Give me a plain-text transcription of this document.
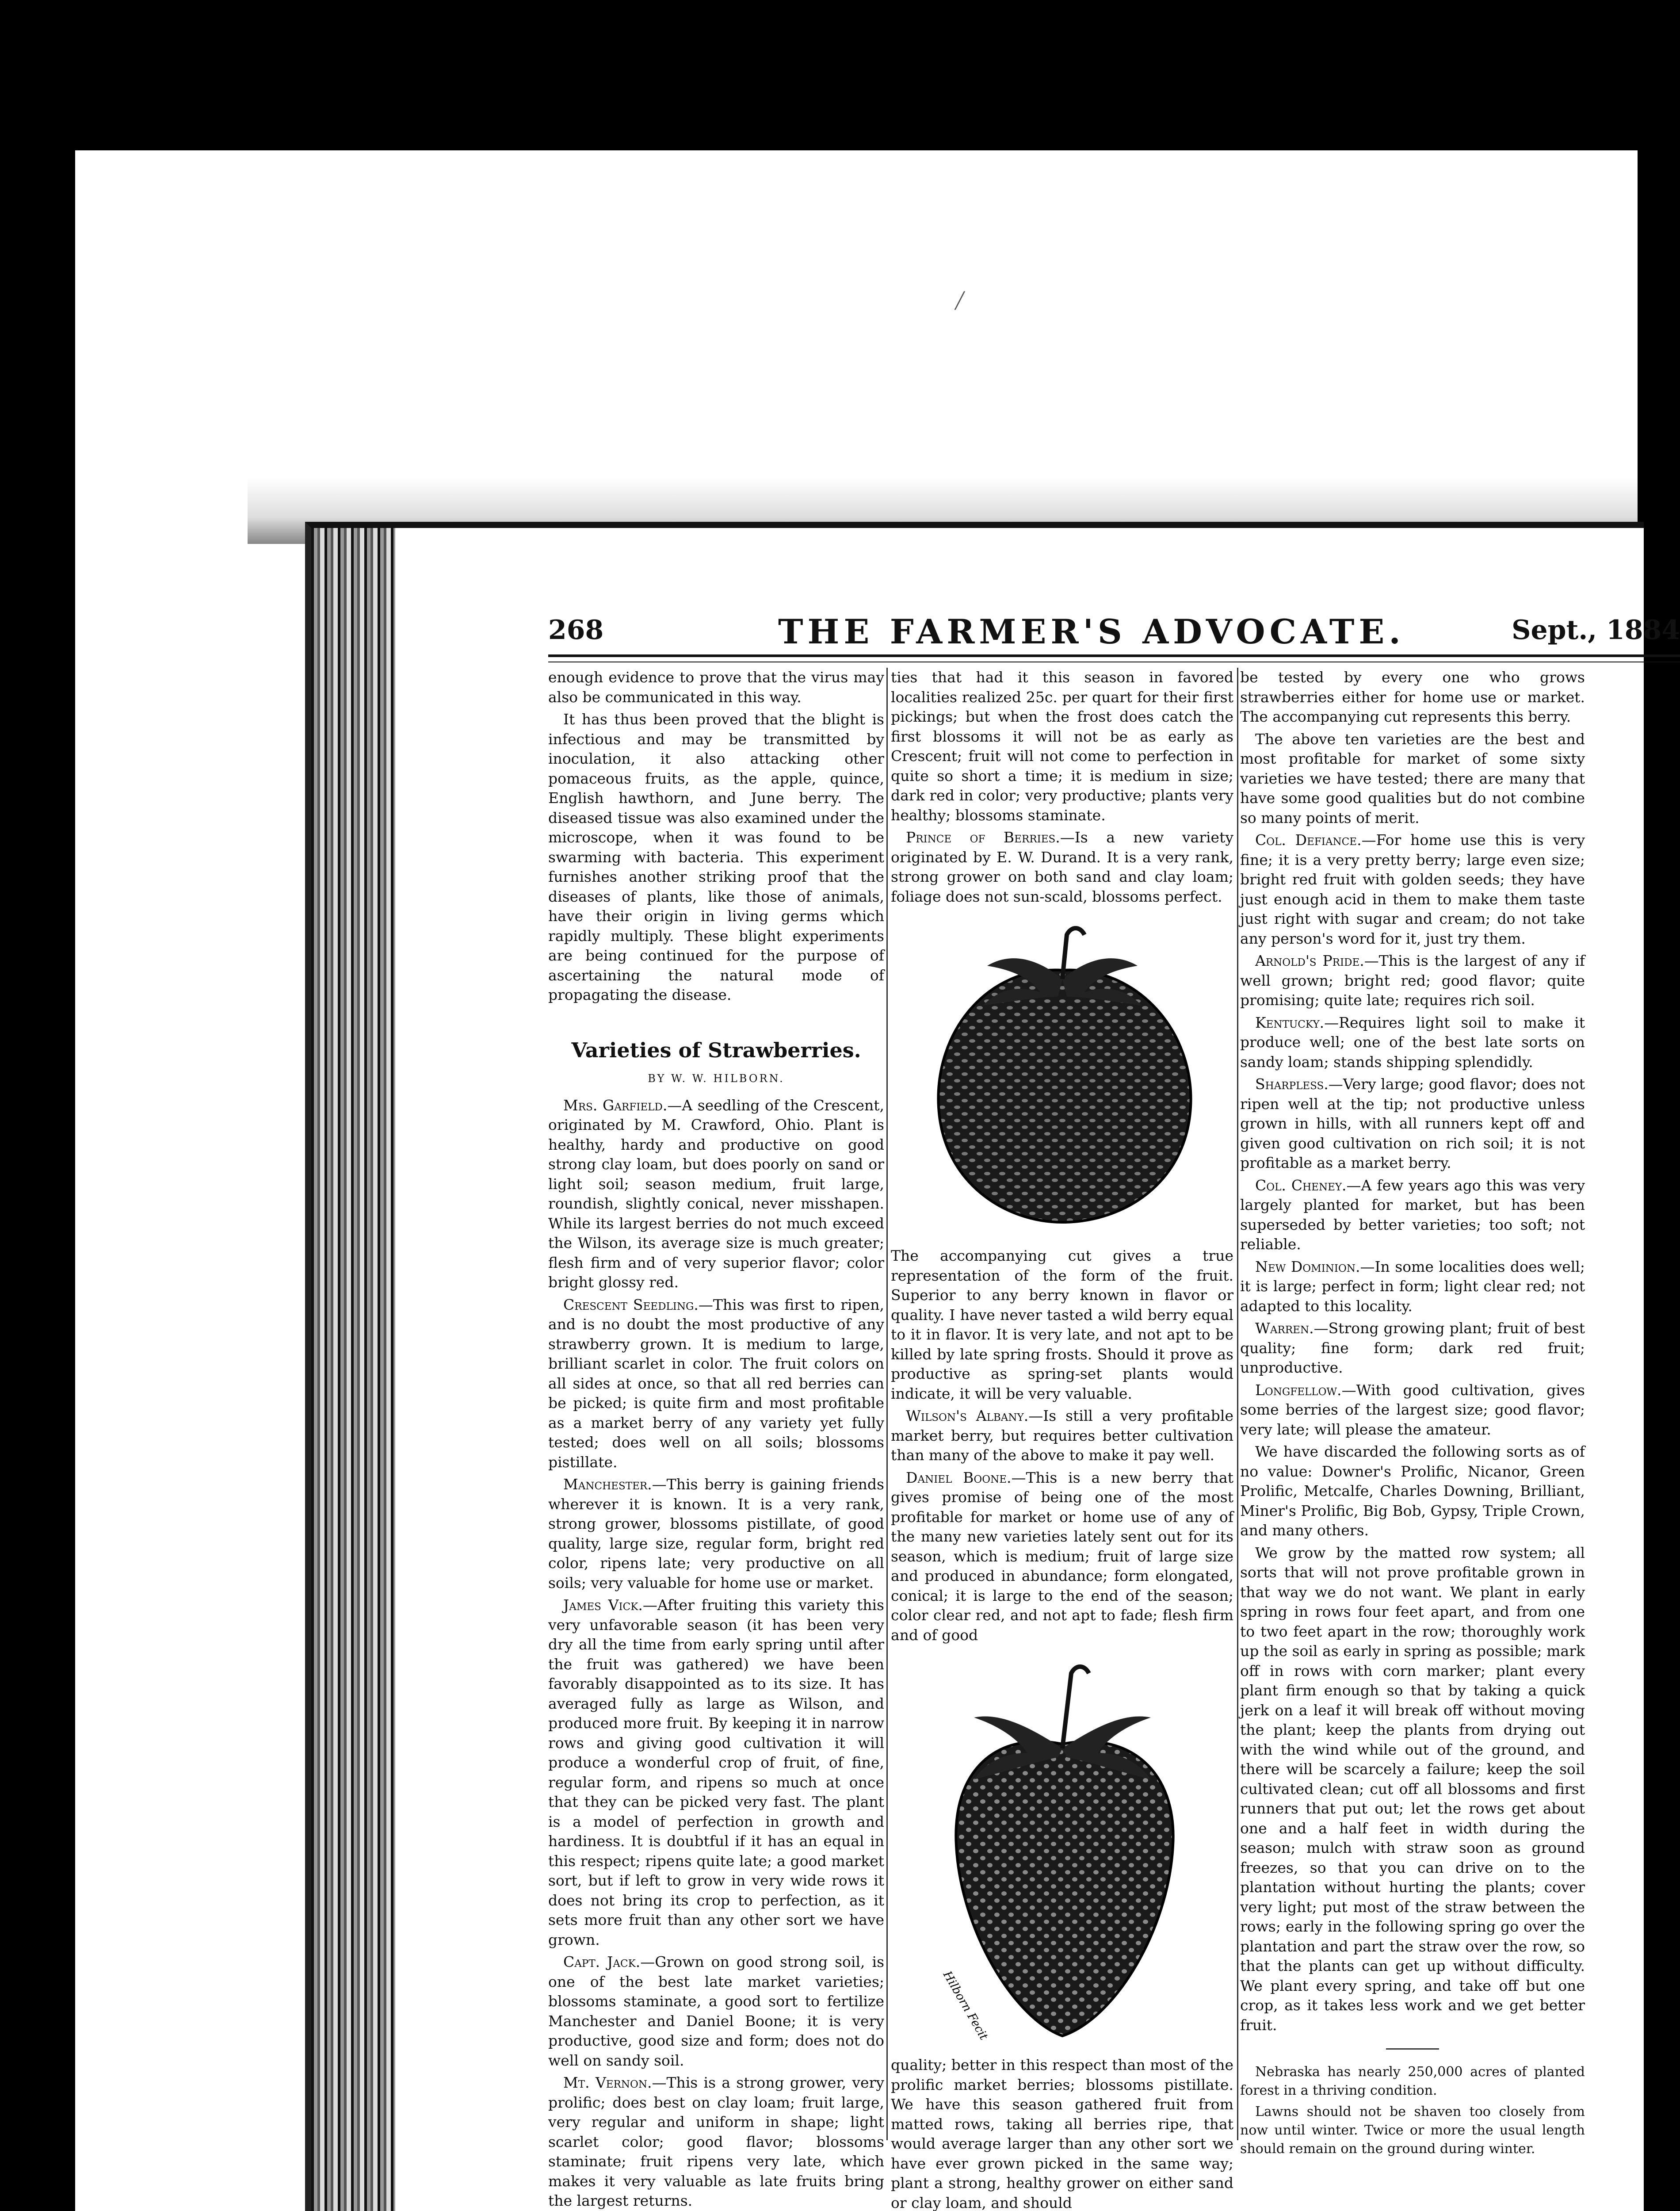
268	THE FARMER'S ADVOCATE.	Sept., 1884

enough evidence to prove that the virus may also be communicated in this way.

It has thus been proved that the blight is infectious and may be transmitted by inoculation, it also attacking other pomaceous fruits, as the apple, quince, English hawthorn, and June berry. The diseased tissue was also examined under the microscope, when it was found to be swarming with bacteria. This experiment furnishes another striking proof that the diseases of plants, like those of animals, have their origin in living germs which rapidly multiply. These blight experiments are being continued for the purpose of ascertaining the natural mode of propagating the disease.

Varieties of Strawberries.
BY W. W. HILBORN.

Mrs. Garfield.—A seedling of the Crescent, originated by M. Crawford, Ohio. Plant is healthy, hardy and productive on good strong clay loam, but does poorly on sand or light soil; season medium, fruit large, roundish, slightly conical, never misshapen. While its largest berries do not much exceed the Wilson, its average size is much greater; flesh firm and of very superior flavor; color bright glossy red.

Crescent Seedling.—This was first to ripen, and is no doubt the most productive of any strawberry grown. It is medium to large, brilliant scarlet in color. The fruit colors on all sides at once, so that all red berries can be picked; is quite firm and most profitable as a market berry of any variety yet fully tested; does well on all soils; blossoms pistillate.

Manchester.—This berry is gaining friends wherever it is known. It is a very rank, strong grower, blossoms pistillate, of good quality, large size, regular form, bright red color, ripens late; very productive on all soils; very valuable for home use or market.

James Vick.—After fruiting this variety this very unfavorable season (it has been very dry all the time from early spring until after the fruit was gathered) we have been favorably disappointed as to its size. It has averaged fully as large as Wilson, and produced more fruit. By keeping it in narrow rows and giving good cultivation it will produce a wonderful crop of fruit, of fine, regular form, and ripens so much at once that they can be picked very fast. The plant is a model of perfection in growth and hardiness. It is doubtful if it has an equal in this respect; ripens quite late; a good market sort, but if left to grow in very wide rows it does not bring its crop to perfection, as it sets more fruit than any other sort we have grown.

Capt. Jack.—Grown on good strong soil, is one of the best late market varieties; blossoms staminate, a good sort to fertilize Manchester and Daniel Boone; it is very productive, good size and form; does not do well on sandy soil.

Mt. Vernon.—This is a strong grower, very prolific; does best on clay loam; fruit large, very regular and uniform in shape; light scarlet color; good flavor; blossoms staminate; fruit ripens very late, which makes it very valuable as late fruits bring the largest returns.

ties that had it this season in favored localities realized 25c. per quart for their first pickings; but when the frost does catch the first blossoms it will not be as early as Crescent; fruit will not come to perfection in quite so short a time; it is medium in size; dark red in color; very productive; plants very healthy; blossoms staminate.

Prince of Berries.—Is a new variety originated by E. W. Durand. It is a very rank, strong grower on both sand and clay loam; foliage does not sun-scald, blossoms perfect.

The accompanying cut gives a true representation of the form of the fruit. Superior to any berry known in flavor or quality. I have never tasted a wild berry equal to it in flavor. It is very late, and not apt to be killed by late spring frosts. Should it prove as productive as spring-set plants would indicate, it will be very valuable.

Wilson's Albany.—Is still a very profitable market berry, but requires better cultivation than many of the above to make it pay well.

Daniel Boone.—This is a new berry that gives promise of being one of the most profitable for market or home use of any of the many new varieties lately sent out for its season, which is medium; fruit of large size and produced in abundance; form elongated, conical; it is large to the end of the season; color clear red, and not apt to fade; flesh firm and of good

Hilborn Fecit

quality; better in this respect than most of the prolific market berries; blossoms pistillate. We have this season gathered fruit from matted rows, taking all berries ripe, that would average larger than any other sort we have ever grown picked in the same way; plant a strong, healthy grower on either sand or clay loam, and should

be tested by every one who grows strawberries either for home use or market. The accompanying cut represents this berry.

The above ten varieties are the best and most profitable for market of some sixty varieties we have tested; there are many that have some good qualities but do not combine so many points of merit.

Col. Defiance.—For home use this is very fine; it is a very pretty berry; large even size; bright red fruit with golden seeds; they have just enough acid in them to make them taste just right with sugar and cream; do not take any person's word for it, just try them.

Arnold's Pride.—This is the largest of any if well grown; bright red; good flavor; quite promising; quite late; requires rich soil.

Kentucky.—Requires light soil to make it produce well; one of the best late sorts on sandy loam; stands shipping splendidly.

Sharpless.—Very large; good flavor; does not ripen well at the tip; not productive unless grown in hills, with all runners kept off and given good cultivation on rich soil; it is not profitable as a market berry.

Col. Cheney.—A few years ago this was very largely planted for market, but has been superseded by better varieties; too soft; not reliable.

New Dominion.—In some localities does well; it is large; perfect in form; light clear red; not adapted to this locality.

Warren.—Strong growing plant; fruit of best quality; fine form; dark red fruit; unproductive.

Longfellow.—With good cultivation, gives some berries of the largest size; good flavor; very late; will please the amateur.

We have discarded the following sorts as of no value: Downer's Prolific, Nicanor, Green Prolific, Metcalfe, Charles Downing, Brilliant, Miner's Prolific, Big Bob, Gypsy, Triple Crown, and many others.

We grow by the matted row system; all sorts that will not prove profitable grown in that way we do not want. We plant in early spring in rows four feet apart, and from one to two feet apart in the row; thoroughly work up the soil as early in spring as possible; mark off in rows with corn marker; plant every plant firm enough so that by taking a quick jerk on a leaf it will break off without moving the plant; keep the plants from drying out with the wind while out of the ground, and there will be scarcely a failure; keep the soil cultivated clean; cut off all blossoms and first runners that put out; let the rows get about one and a half feet in width during the season; mulch with straw soon as ground freezes, so that you can drive on to the plantation without hurting the plants; cover very light; put most of the straw between the rows; early in the following spring go over the plantation and part the straw over the row, so that the plants can get up without difficulty. We plant every spring, and take off but one crop, as it takes less work and we get better fruit.

Nebraska has nearly 250,000 acres of planted forest in a thriving condition.

Lawns should not be shaven too closely from now until winter. Twice or more the usual length should remain on the ground during winter.

╱
